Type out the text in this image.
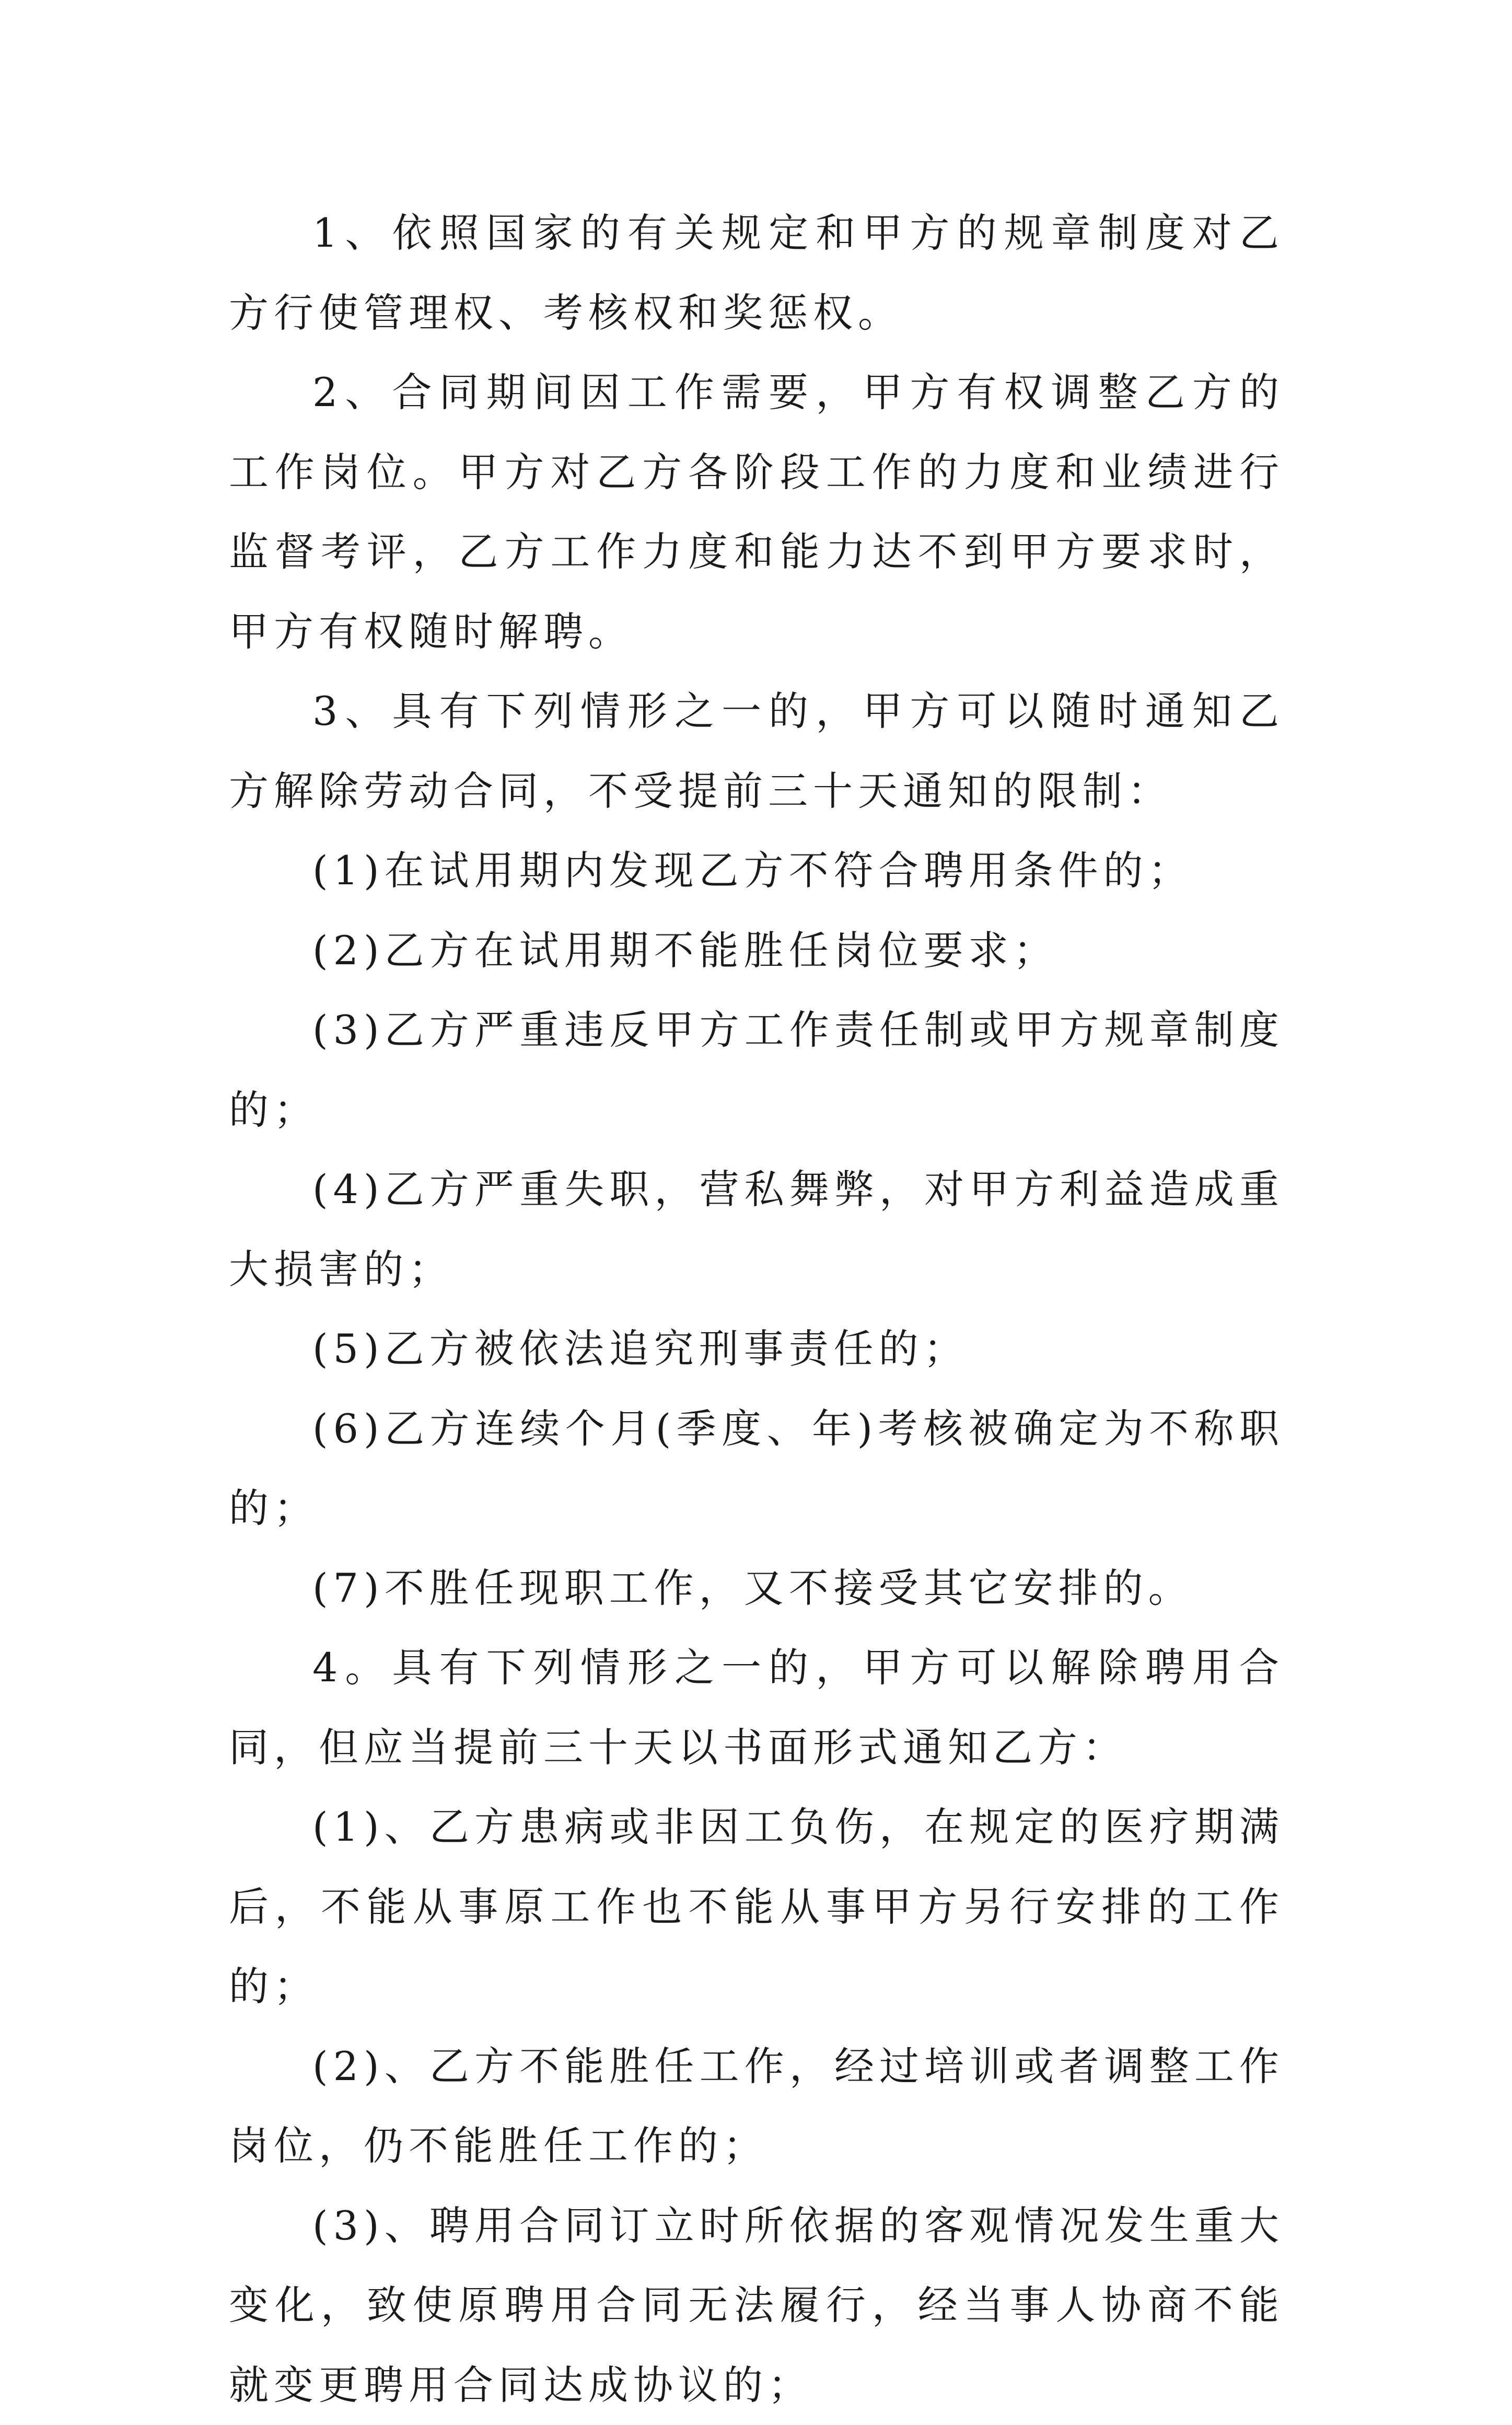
1、依照国家的有关规定和甲方的规章制度对乙方行使管理权、考核权和奖惩权。

2、合同期间因工作需要，甲方有权调整乙方的工作岗位。甲方对乙方各阶段工作的力度和业绩进行监督考评，乙方工作力度和能力达不到甲方要求时，甲方有权随时解聘。

3、具有下列情形之一的，甲方可以随时通知乙方解除劳动合同，不受提前三十天通知的限制：

(1)在试用期内发现乙方不符合聘用条件的；

(2)乙方在试用期不能胜任岗位要求；

(3)乙方严重违反甲方工作责任制或甲方规章制度的；

(4)乙方严重失职，营私舞弊，对甲方利益造成重大损害的；

(5)乙方被依法追究刑事责任的；

(6)乙方连续个月(季度、年)考核被确定为不称职的；

(7)不胜任现职工作，又不接受其它安排的。

4。具有下列情形之一的，甲方可以解除聘用合同，但应当提前三十天以书面形式通知乙方：

(1)、乙方患病或非因工负伤，在规定的医疗期满后，不能从事原工作也不能从事甲方另行安排的工作的；

(2)、乙方不能胜任工作，经过培训或者调整工作岗位，仍不能胜任工作的；

(3)、聘用合同订立时所依据的客观情况发生重大变化，致使原聘用合同无法履行，经当事人协商不能就变更聘用合同达成协议的；
